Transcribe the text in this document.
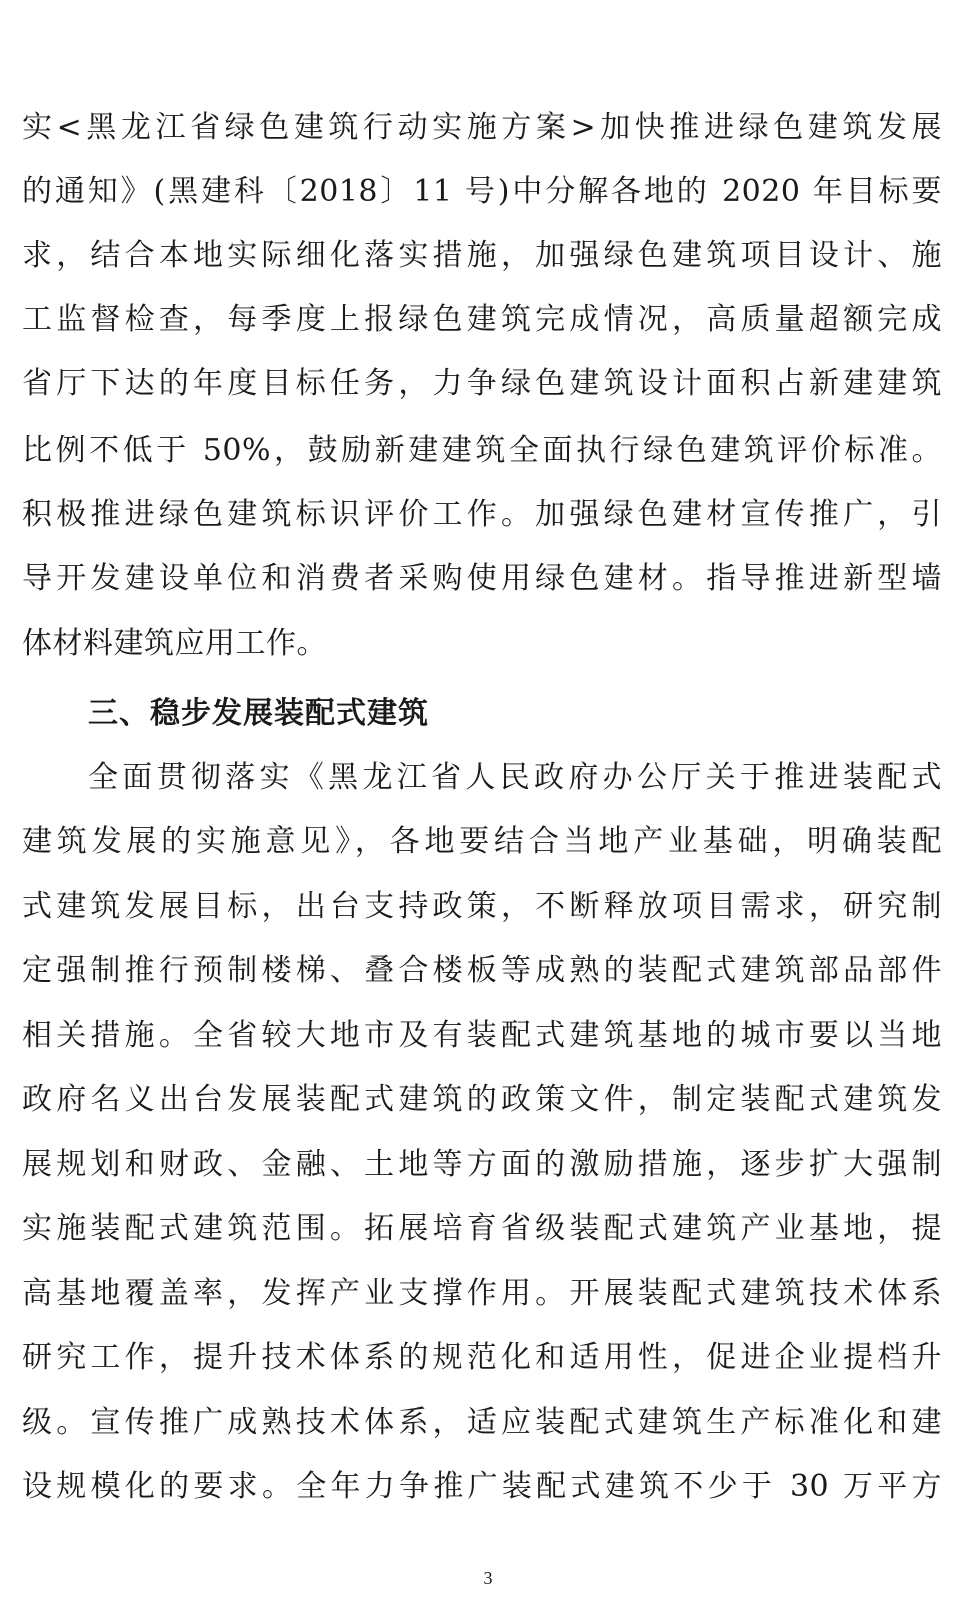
实<黑龙江省绿色建筑行动实施方案>加快推进绿色建筑发展
的通知》(黑建科〔2018〕11 号)中分解各地的 2020 年目标要
求，结合本地实际细化落实措施，加强绿色建筑项目设计、施
工监督检查，每季度上报绿色建筑完成情况，高质量超额完成
省厅下达的年度目标任务，力争绿色建筑设计面积占新建建筑
比例不低于 50%，鼓励新建建筑全面执行绿色建筑评价标准。
积极推进绿色建筑标识评价工作。加强绿色建材宣传推广，引
导开发建设单位和消费者采购使用绿色建材。指导推进新型墙
体材料建筑应用工作。
三、稳步发展装配式建筑
全面贯彻落实《黑龙江省人民政府办公厅关于推进装配式
建筑发展的实施意见》，各地要结合当地产业基础，明确装配
式建筑发展目标，出台支持政策，不断释放项目需求，研究制
定强制推行预制楼梯、叠合楼板等成熟的装配式建筑部品部件
相关措施。全省较大地市及有装配式建筑基地的城市要以当地
政府名义出台发展装配式建筑的政策文件，制定装配式建筑发
展规划和财政、金融、土地等方面的激励措施，逐步扩大强制
实施装配式建筑范围。拓展培育省级装配式建筑产业基地，提
高基地覆盖率，发挥产业支撑作用。开展装配式建筑技术体系
研究工作，提升技术体系的规范化和适用性，促进企业提档升
级。宣传推广成熟技术体系，适应装配式建筑生产标准化和建
设规模化的要求。全年力争推广装配式建筑不少于 30 万平方
3
